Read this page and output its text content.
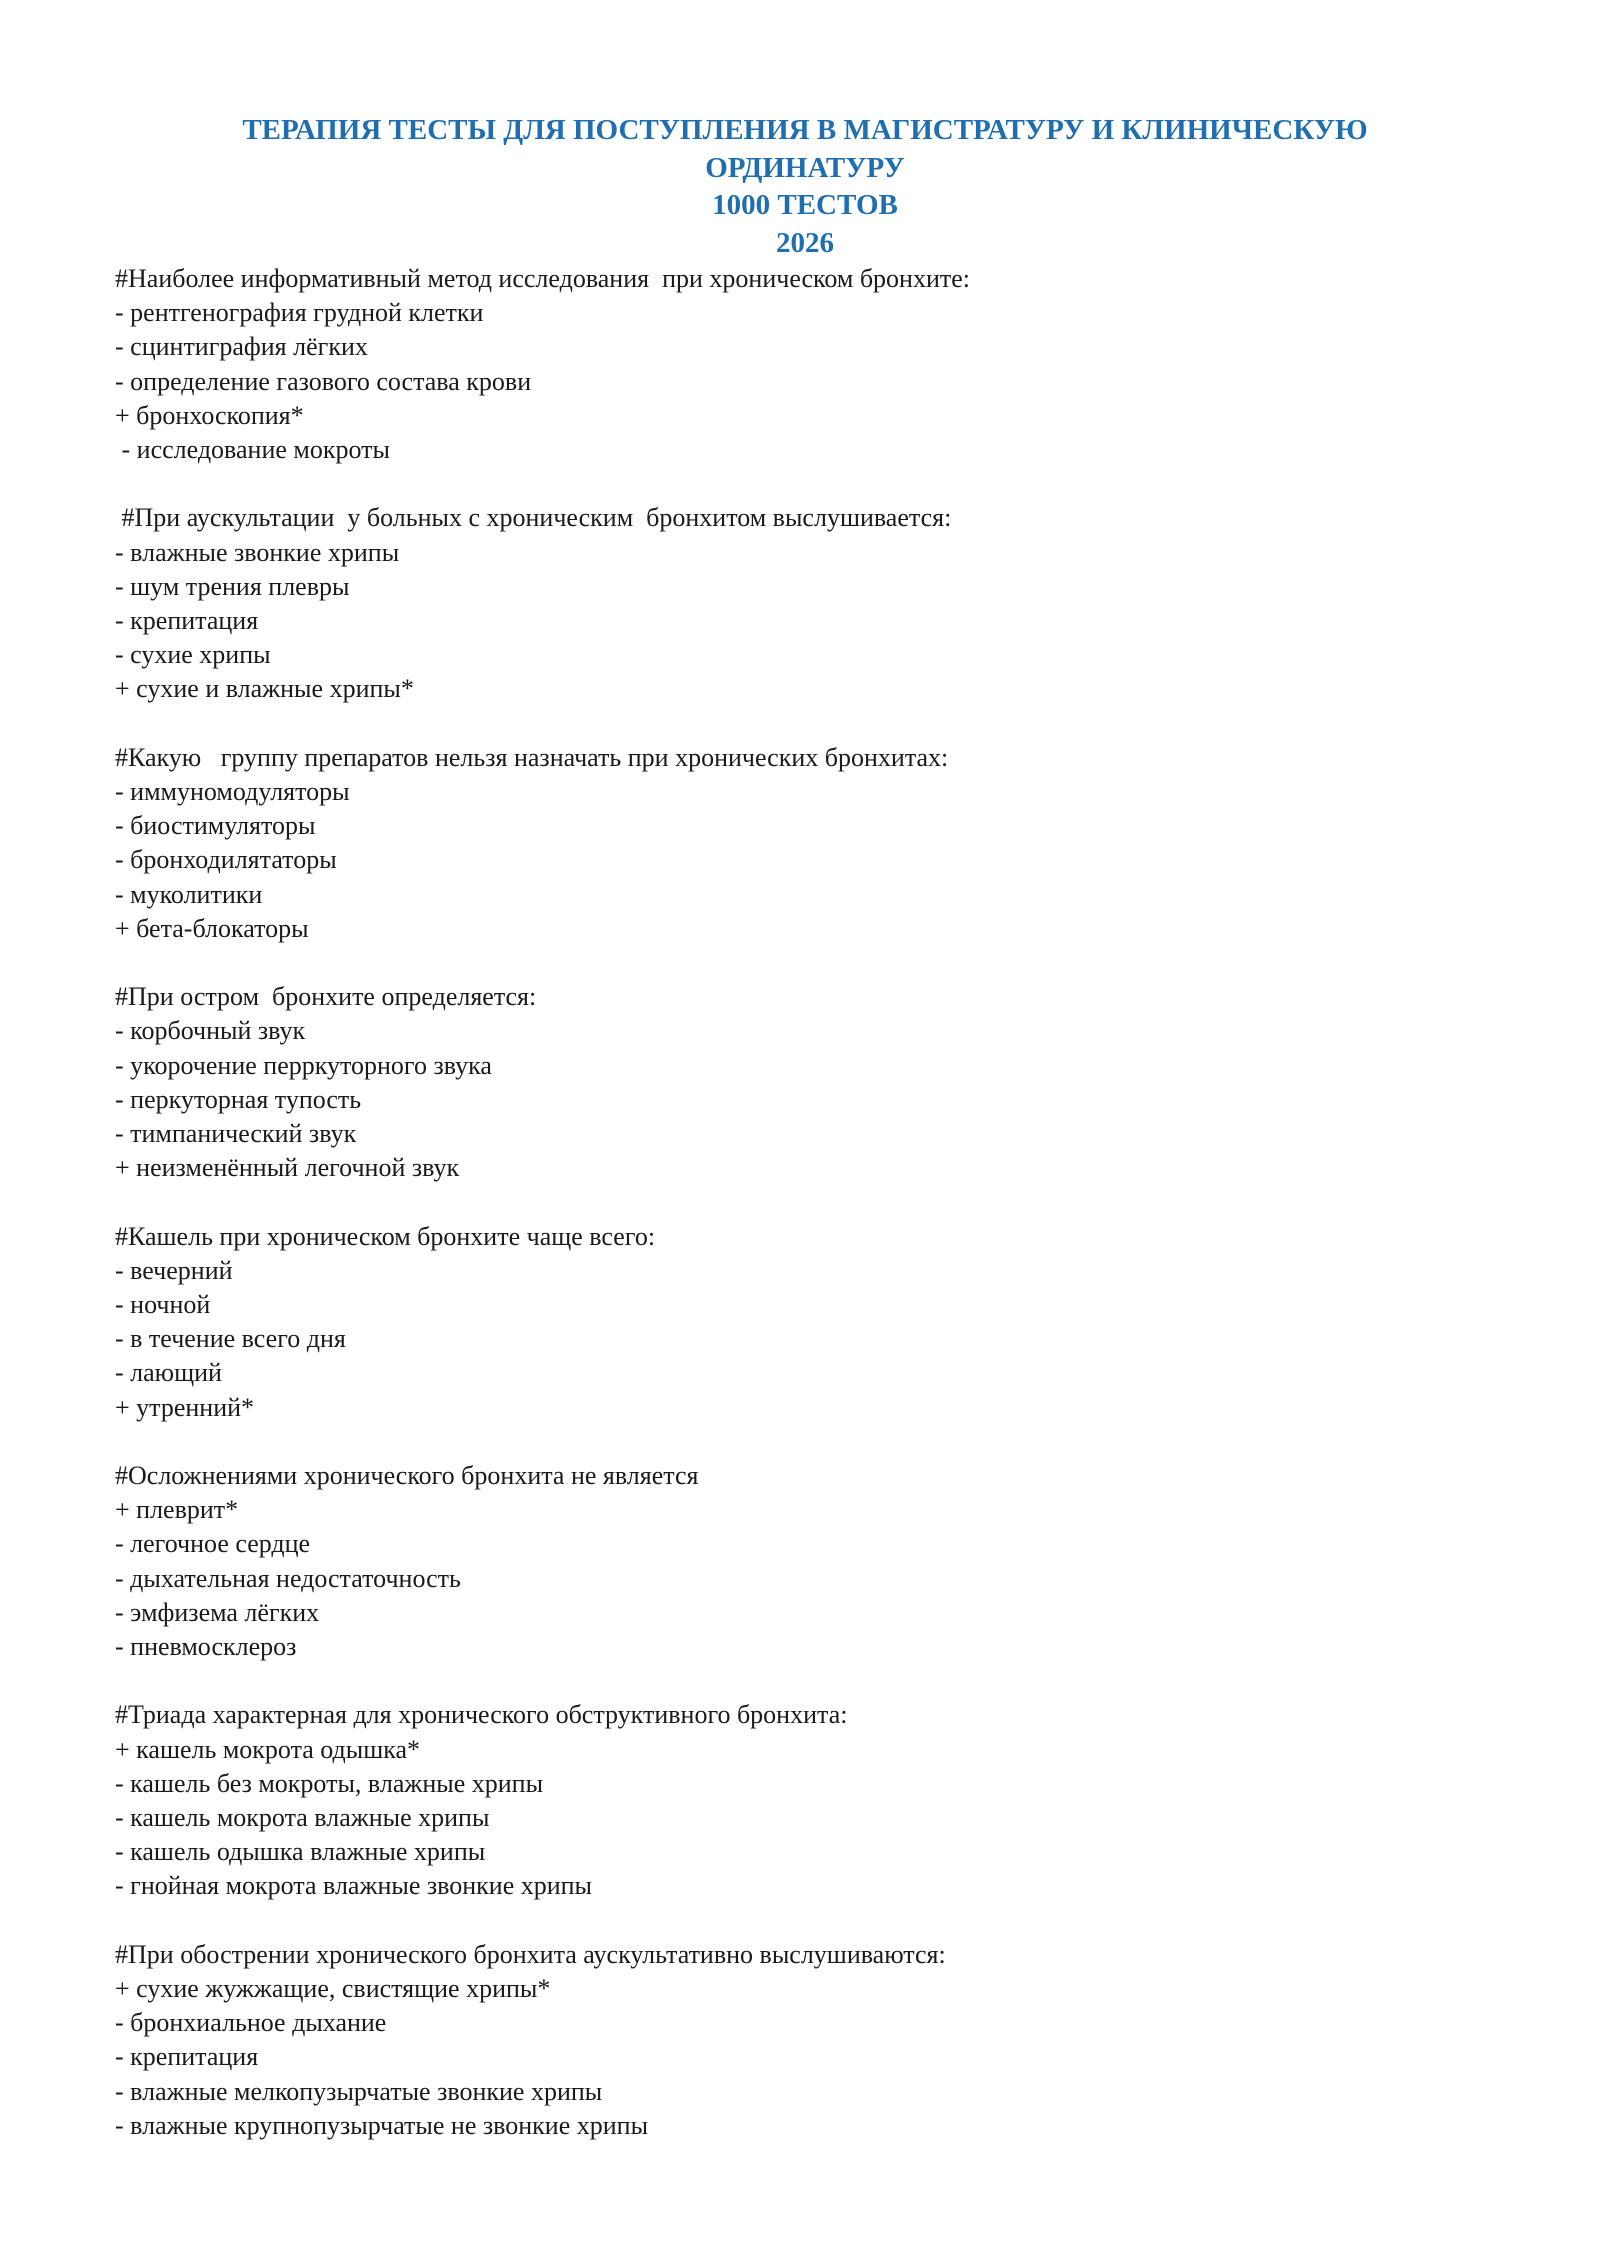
ТЕРАПИЯ ТЕСТЫ ДЛЯ ПОСТУПЛЕНИЯ В МАГИСТРАТУРУ И КЛИНИЧЕСКУЮ
ОРДИНАТУРУ
1000 ТЕСТОВ
2026
#Наиболее информативный метод исследования  при хроническом бронхите:
- рентгенография грудной клетки
- сцинтиграфия лёгких
- определение газового состава крови
+ бронхоскопия*
- исследование мокроты
#При аускультации  у больных с хроническим  бронхитом выслушивается:
- влажные звонкие хрипы
- шум трения плевры
- крепитация
- сухие хрипы
+ сухие и влажные хрипы*
#Какую   группу препаратов нельзя назначать при хронических бронхитах:
- иммуномодуляторы
- биостимуляторы
- бронходилятаторы
- муколитики
+ бета-блокаторы
#При остром  бронхите определяется:
- корбочный звук
- укорочение перркуторного звука
- перкуторная тупость
- тимпанический звук
+ неизменённый легочной звук
#Кашель при хроническом бронхите чаще всего:
- вечерний
- ночной
- в течение всего дня
- лающий
+ утренний*
#Осложнениями хронического бронхита не является
+ плеврит*
- легочное сердце
- дыхательная недостаточность
- эмфизема лёгких
- пневмосклероз
#Триада характерная для хронического обструктивного бронхита:
+ кашель мокрота одышка*
- кашель без мокроты, влажные хрипы
- кашель мокрота влажные хрипы
- кашель одышка влажные хрипы
- гнойная мокрота влажные звонкие хрипы
#При обострении хронического бронхита аускультативно выслушиваются:
+ сухие жужжащие, свистящие хрипы*
- бронхиальное дыхание
- крепитация
- влажные мелкопузырчатые звонкие хрипы
- влажные крупнопузырчатые не звонкие хрипы
